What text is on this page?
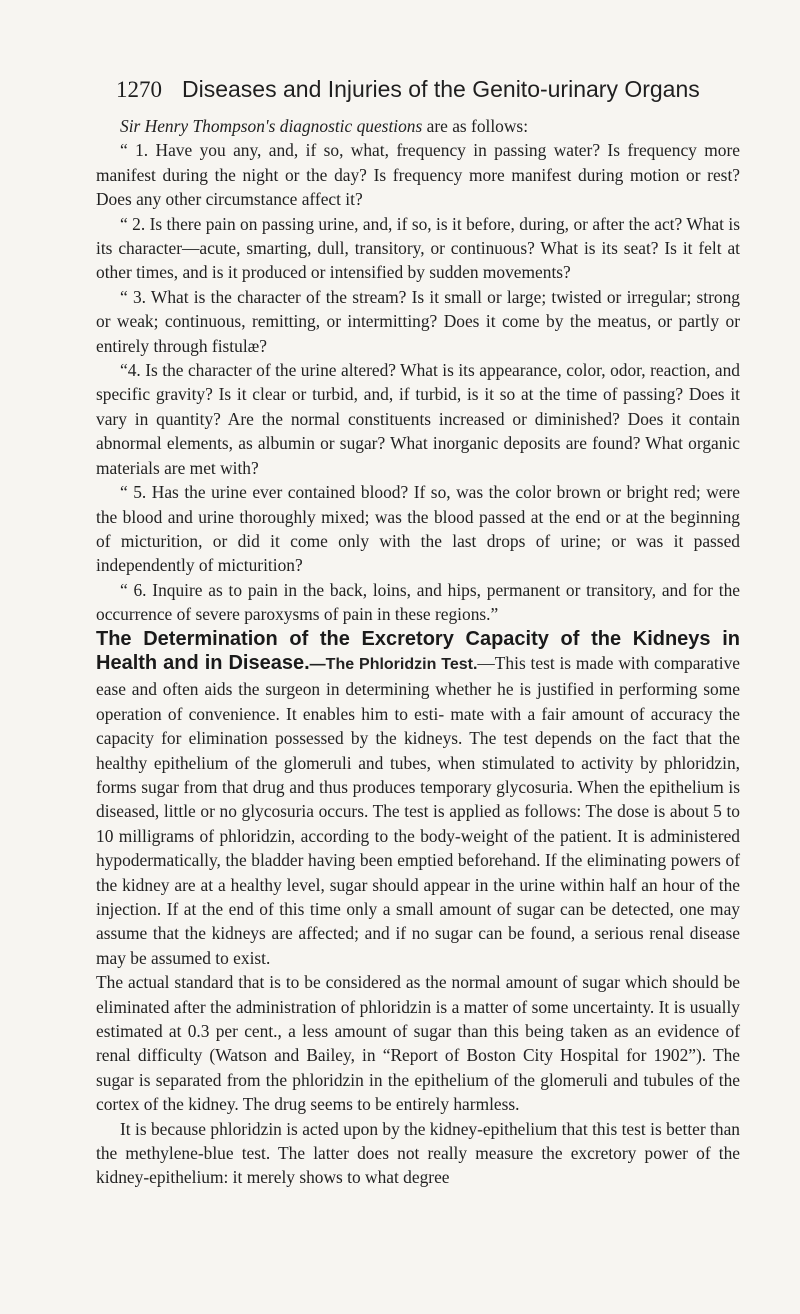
1270 Diseases and Injuries of the Genito-urinary Organs

Sir Henry Thompson's diagnostic questions are as follows:

“ 1. Have you any, and, if so, what, frequency in passing water? Is frequency more manifest during the night or the day? Is frequency more manifest during motion or rest? Does any other circumstance affect it?

“ 2. Is there pain on passing urine, and, if so, is it before, during, or after the act? What is its character—acute, smarting, dull, transitory, or continuous? What is its seat? Is it felt at other times, and is it produced or intensified by sudden movements?

“ 3. What is the character of the stream? Is it small or large; twisted or irregular; strong or weak; continuous, remitting, or intermitting? Does it come by the meatus, or partly or entirely through fistulæ?

“4. Is the character of the urine altered? What is its appearance, color, odor, reaction, and specific gravity? Is it clear or turbid, and, if turbid, is it so at the time of passing? Does it vary in quantity? Are the normal constituents increased or diminished? Does it contain abnormal elements, as albumin or sugar? What inorganic deposits are found? What organic materials are met with?

“ 5. Has the urine ever contained blood? If so, was the color brown or bright red; were the blood and urine thoroughly mixed; was the blood passed at the end or at the beginning of micturition, or did it come only with the last drops of urine; or was it passed independently of micturition?

“ 6. Inquire as to pain in the back, loins, and hips, permanent or transitory, and for the occurrence of severe paroxysms of pain in these regions.”

The Determination of the Excretory Capacity of the Kidneys in Health and in Disease.—The Phloridzin Test.—This test is made with comparative ease and often aids the surgeon in determining whether he is justified in performing some operation of convenience. It enables him to esti- mate with a fair amount of accuracy the capacity for elimination possessed by the kidneys. The test depends on the fact that the healthy epithelium of the glomeruli and tubes, when stimulated to activity by phloridzin, forms sugar from that drug and thus produces temporary glycosuria. When the epithelium is diseased, little or no glycosuria occurs. The test is applied as follows: The dose is about 5 to 10 milligrams of phloridzin, according to the body-weight of the patient. It is administered hypodermatically, the bladder having been emptied beforehand. If the eliminating powers of the kidney are at a healthy level, sugar should appear in the urine within half an hour of the injection. If at the end of this time only a small amount of sugar can be detected, one may assume that the kidneys are affected; and if no sugar can be found, a serious renal disease may be assumed to exist.

The actual standard that is to be considered as the normal amount of sugar which should be eliminated after the administration of phloridzin is a matter of some uncertainty. It is usually estimated at 0.3 per cent., a less amount of sugar than this being taken as an evidence of renal difficulty (Watson and Bailey, in “Report of Boston City Hospital for 1902”). The sugar is separated from the phloridzin in the epithelium of the glomeruli and tubules of the cortex of the kidney. The drug seems to be entirely harmless.

It is because phloridzin is acted upon by the kidney-epithelium that this test is better than the methylene-blue test. The latter does not really measure the excretory power of the kidney-epithelium: it merely shows to what degree
